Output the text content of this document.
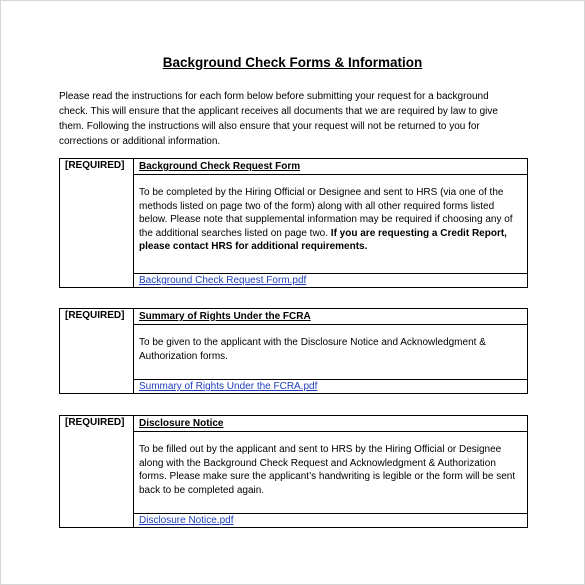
Background Check Forms & Information
Please read the instructions for each form below before submitting your request for a background
check. This will ensure that the applicant receives all documents that we are required by law to give
them. Following the instructions will also ensure that your request will not be returned to you for
corrections or additional information.
[REQUIRED]	Background Check Request Form
To be completed by the Hiring Official or Designee and sent to HRS (via one of the
methods listed on page two of the form) along with all other required forms listed
below. Please note that supplemental information may be required if choosing any of
the additional searches listed on page two. If you are requesting a Credit Report,
please contact HRS for additional requirements.
Background Check Request Form.pdf
[REQUIRED]	Summary of Rights Under the FCRA
To be given to the applicant with the Disclosure Notice and Acknowledgment &
Authorization forms.
Summary of Rights Under the FCRA.pdf
[REQUIRED]	Disclosure Notice
To be filled out by the applicant and sent to HRS by the Hiring Official or Designee
along with the Background Check Request and Acknowledgment & Authorization
forms. Please make sure the applicant’s handwriting is legible or the form will be sent
back to be completed again.
Disclosure Notice.pdf
